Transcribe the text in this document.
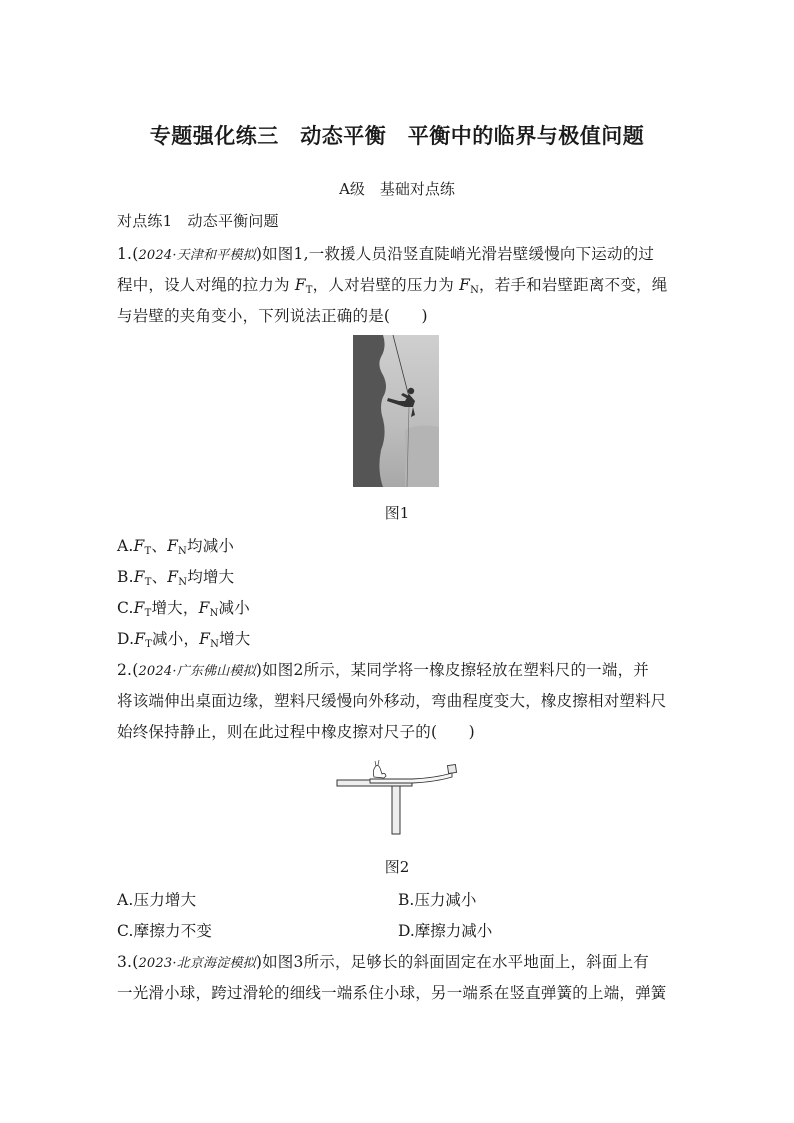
专题强化练三　动态平衡　平衡中的临界与极值问题
A级　基础对点练
对点练1　动态平衡问题
1.(2024·天津和平模拟)如图1,一救援人员沿竖直陡峭光滑岩壁缓慢向下运动的过
程中，设人对绳的拉力为 $F_T$，人对岩壁的压力为 $F_N$，若手和岩壁距离不变，绳
与岩壁的夹角变小，下列说法正确的是(　　)
图1
$A.F_T$、$F_N$均减小
$B.F_T$、$F_N$均增大
$C.F_T$增大，$F_N$减小
$D.F_T$减小，$F_N$增大
2.(2024·广东佛山模拟)如图2所示，某同学将一橡皮擦轻放在塑料尺的一端，并
将该端伸出桌面边缘，塑料尺缓慢向外移动，弯曲程度变大，橡皮擦相对塑料尺
始终保持静止，则在此过程中橡皮擦对尺子的(　　)
图2
A.压力增大	B.压力减小
C.摩擦力不变	D.摩擦力减小
3.(2023·北京海淀模拟)如图3所示，足够长的斜面固定在水平地面上，斜面上有
一光滑小球，跨过滑轮的细线一端系住小球，另一端系在竖直弹簧的上端，弹簧
